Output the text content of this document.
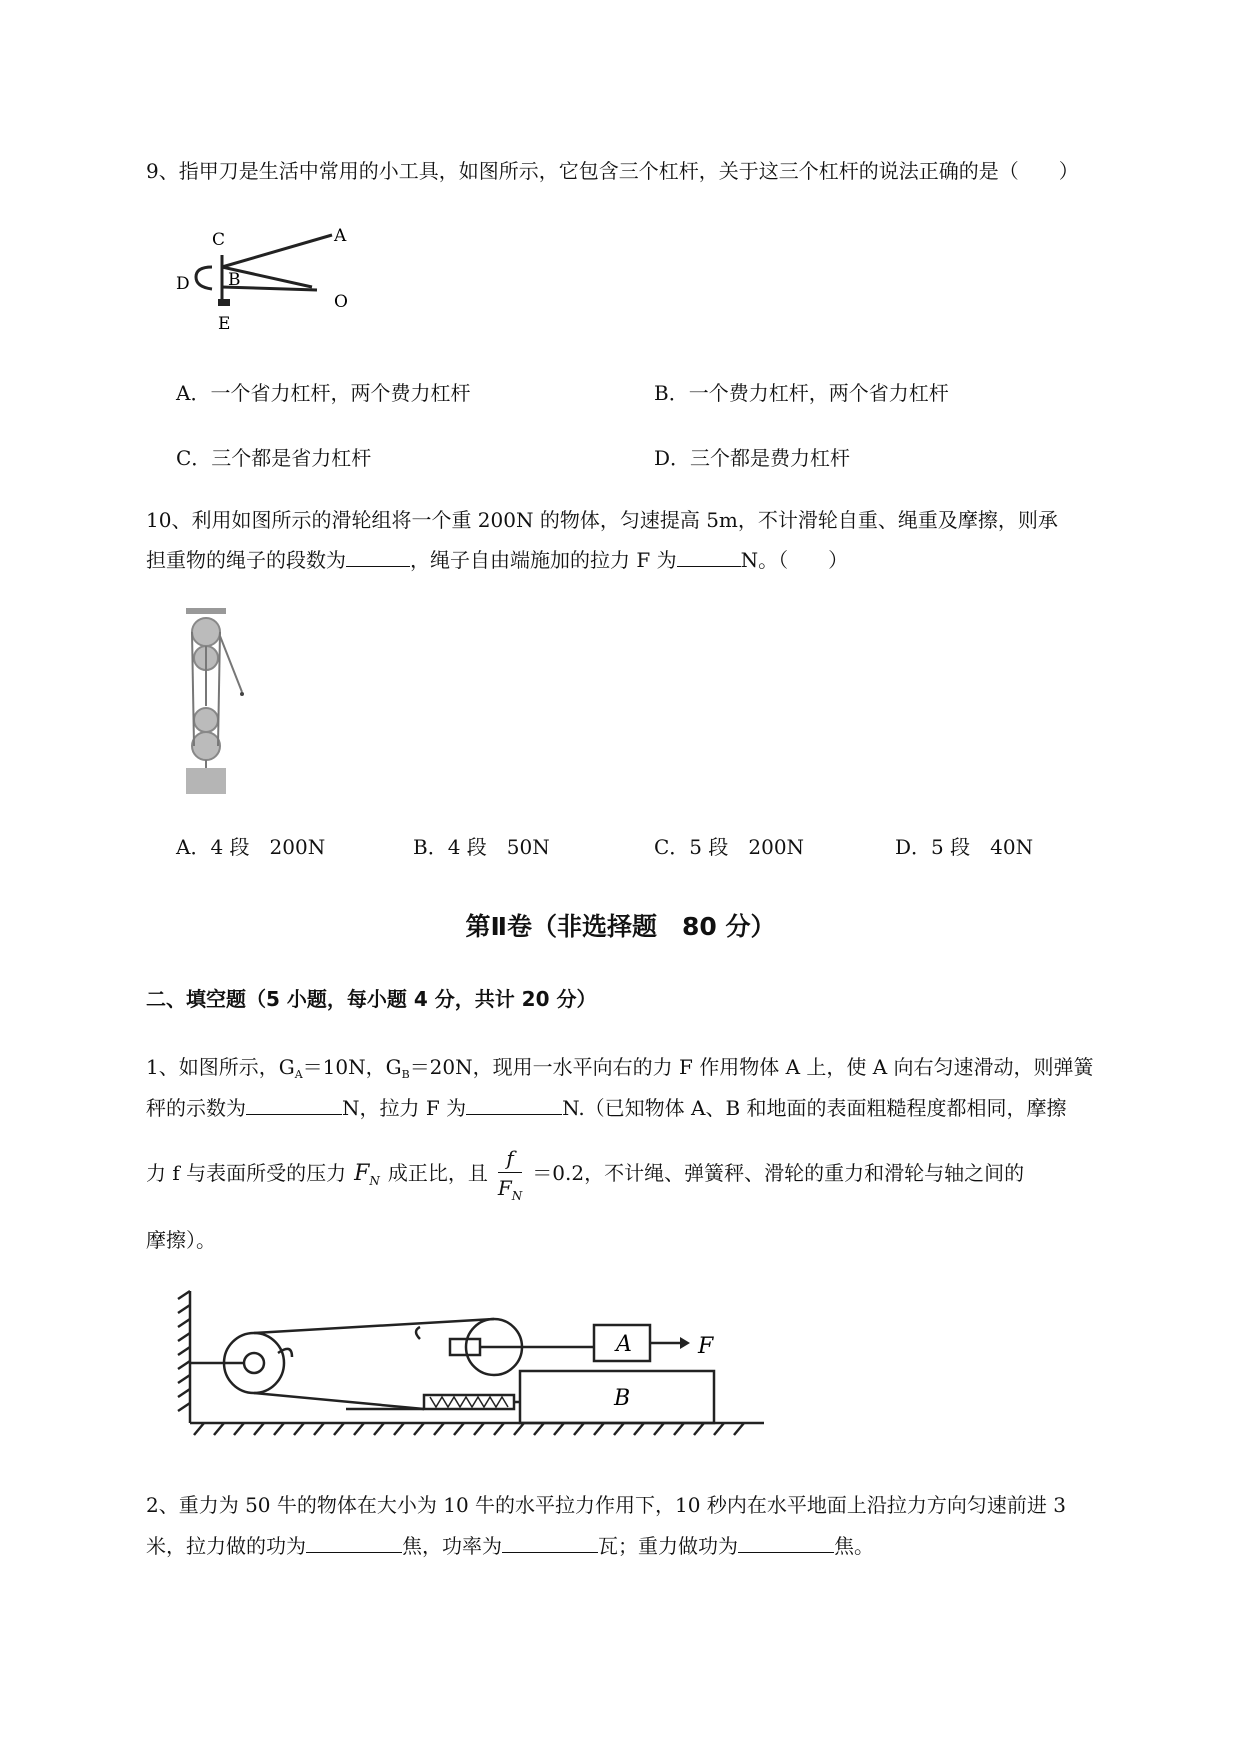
9、指甲刀是生活中常用的小工具，如图所示，它包含三个杠杆，关于这三个杠杆的说法正确的是（　　）
C	A
D B
O
E
A．一个省力杠杆，两个费力杠杆	B．一个费力杠杆，两个省力杠杆
C．三个都是省力杠杆	D．三个都是费力杠杆
10、利用如图所示的滑轮组将一个重 200N 的物体，匀速提高 5m，不计滑轮自重、绳重及摩擦，则承
担重物的绳子的段数为	，绳子自由端施加的拉力 F 为	N。（　　）
A．4 段　200N	B．4 段　50N	C．5 段　200N	D．5 段　40N
第Ⅱ卷（非选择题　80 分）
二、填空题（5 小题，每小题 4 分，共计 20 分）
1、如图所示，$G_A=10N$，$G_B=20N$，现用一水平向右的力 F 作用物体 A 上，使 A 向右匀速滑动，则弹簧
秤的示数为	N，拉力 F 为	N.（已知物体 A、B 和地面的表面粗糙程度都相同，摩擦
力 f 与表面所受的压力 $F_N$ 成正比，且 $\frac{f}{F_N} =0.2$，不计绳、弹簧秤、滑轮的重力和滑轮与轴之间的
摩擦）。
A	F
B
2、重力为 50 牛的物体在大小为 10 牛的水平拉力作用下，10 秒内在水平地面上沿拉力方向匀速前进 3
米，拉力做的功为	焦，功率为	瓦；重力做功为	焦。
